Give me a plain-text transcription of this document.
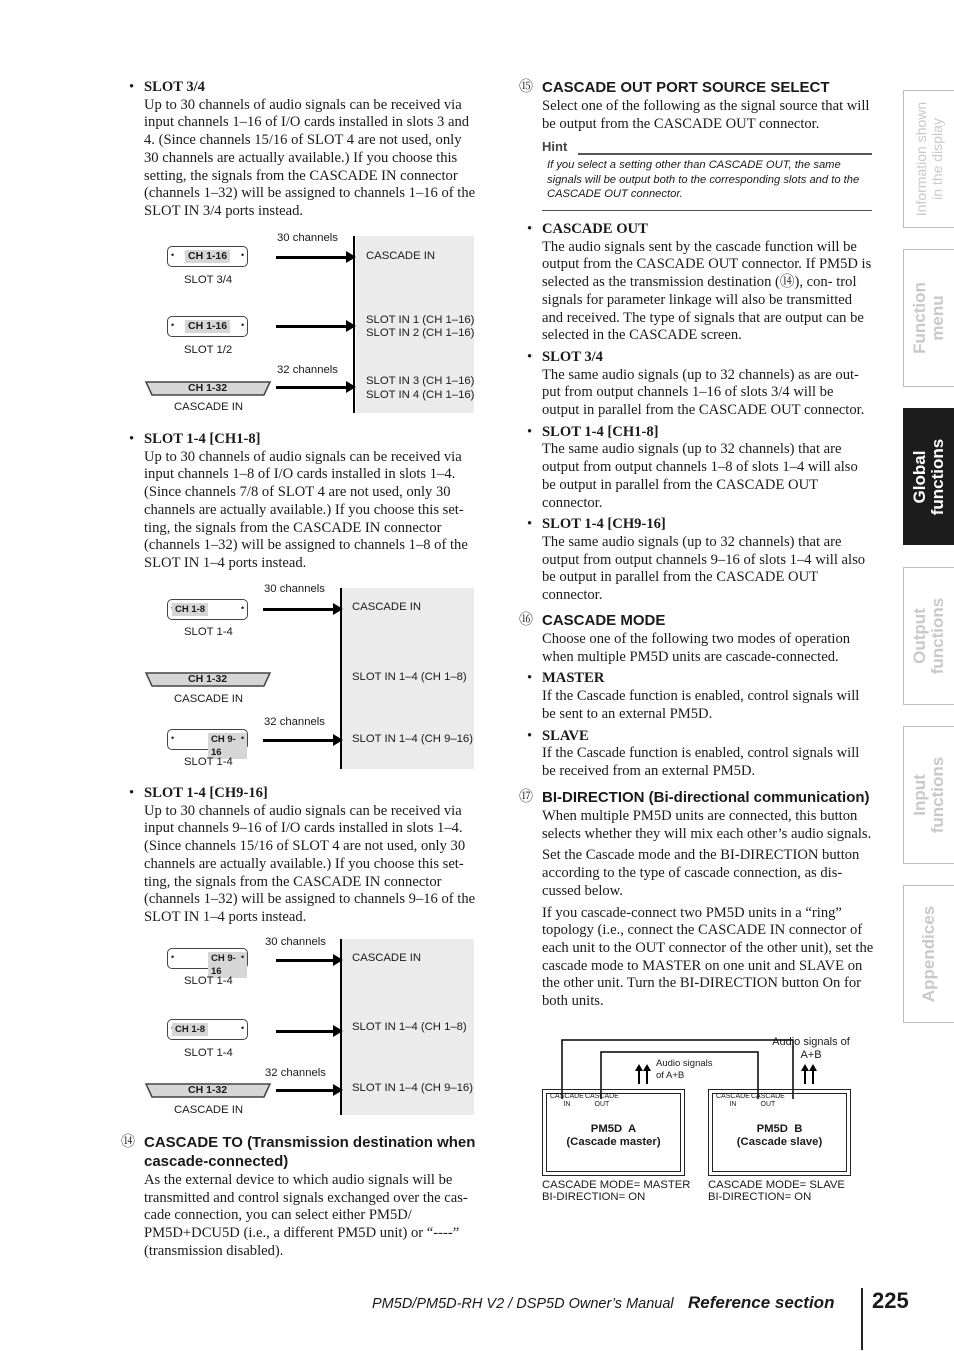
• SLOT 3/4
Up to 30 channels of audio signals can be received via input channels 1–16 of I/O cards installed in slots 3 and 4. (Since channels 15/16 of SLOT 4 are not used, only 30 channels are actually available.) If you choose this setting, the signals from the CASCADE IN connector (channels 1–32) will be assigned to channels 1–16 of the SLOT IN 3/4 ports instead.
30 channels
32 channels
• CH 1-16	•
SLOT 3/4
• CH 1-16	•
SLOT 1/2
CH 1-32
CASCADE IN
CASCADE IN
SLOT IN 1 (CH 1–16)
SLOT IN 2 (CH 1–16)
SLOT IN 3 (CH 1–16)
SLOT IN 4 (CH 1–16)
• SLOT 1-4 [CH1-8]
Up to 30 channels of audio signals can be received via input channels 1–8 of I/O cards installed in slots 1–4. (Since channels 7/8 of SLOT 4 are not used, only 30 channels are actually available.) If you choose this set- ting, the signals from the CASCADE IN connector (channels 1–32) will be assigned to channels 1–8 of the SLOT IN 1–4 ports instead.
30 channels
32 channels
CH 1-8	•
SLOT 1-4
CH 1-32
CASCADE IN
•	CH 9-16
•
SLOT 1-4
CASCADE IN
SLOT IN 1–4 (CH 1–8)
SLOT IN 1–4 (CH 9–16)
• SLOT 1-4 [CH9-16]
Up to 30 channels of audio signals can be received via input channels 9–16 of I/O cards installed in slots 1–4. (Since channels 15/16 of SLOT 4 are not used, only 30 channels are actually available.) If you choose this set- ting, the signals from the CASCADE IN connector (channels 1–32) will be assigned to channels 9–16 of the SLOT IN 1–4 ports instead.
30 channels
32 channels
•	CH 9-16
•
SLOT 1-4
CH 1-8	•
SLOT 1-4
CH 1-32
CASCADE IN
CASCADE IN
SLOT IN 1–4 (CH 1–8)
SLOT IN 1–4 (CH 9–16)
⑭ CASCADE TO (Transmission destination when cascade-connected)
As the external device to which audio signals will be transmitted and control signals exchanged over the cas- cade connection, you can select either PM5D/ PM5D+DCU5D (i.e., a different PM5D unit) or “----” (transmission disabled).
⑮ CASCADE OUT PORT SOURCE SELECT
Select one of the following as the signal source that will be output from the CASCADE OUT connector.
Hint
If you select a setting other than CASCADE OUT, the same signals will be output both to the corresponding slots and to the CASCADE OUT connector.
• CASCADE OUT
The audio signals sent by the cascade function will be output from the CASCADE OUT connector. If PM5D is selected as the transmission destination (⑭), con- trol signals for parameter linkage will also be transmitted and received. The type of signals that are output can be selected in the CASCADE screen.
• SLOT 3/4
The same audio signals (up to 32 channels) as are out- put from output channels 1–16 of slots 3/4 will be output in parallel from the CASCADE OUT connector.
• SLOT 1-4 [CH1-8]
The same audio signals (up to 32 channels) that are output from output channels 1–8 of slots 1–4 will also be output in parallel from the CASCADE OUT connector.
• SLOT 1-4 [CH9-16]
The same audio signals (up to 32 channels) that are output from output channels 9–16 of slots 1–4 will also be output in parallel from the CASCADE OUT connector.
⑯ CASCADE MODE
Choose one of the following two modes of operation when multiple PM5D units are cascade-connected.
• MASTER
If the Cascade function is enabled, control signals will be sent to an external PM5D.
• SLAVE
If the Cascade function is enabled, control signals will be received from an external PM5D.
⑰ BI-DIRECTION (Bi-directional communication)
When multiple PM5D units are connected, this button selects whether they will mix each other’s audio signals.
Set the Cascade mode and the BI-DIRECTION button according to the type of cascade connection, as dis- cussed below.
If you cascade-connect two PM5D units in a “ring” topology (i.e., connect the CASCADE IN connector of each unit to the OUT connector of the other unit), set the cascade mode to MASTER on one unit and SLAVE on the other unit. Turn the BI-DIRECTION button On for both units.
Audio signals of A+B
Audio signals of A+B
CASCADE
IN
CASCADE
OUT
PM5D  A
(Cascade master)
CASCADE
IN
CASCADE
OUT
PM5D  B
(Cascade slave)
CASCADE MODE= MASTER
BI-DIRECTION= ON
CASCADE MODE= SLAVE
BI-DIRECTION= ON
Information shown
in the display
Function
menu
Global
functions
Output
functions
Input
functions
Appendices
PM5D/PM5D-RH V2 / DSP5D Owner’s Manual Reference section 225
